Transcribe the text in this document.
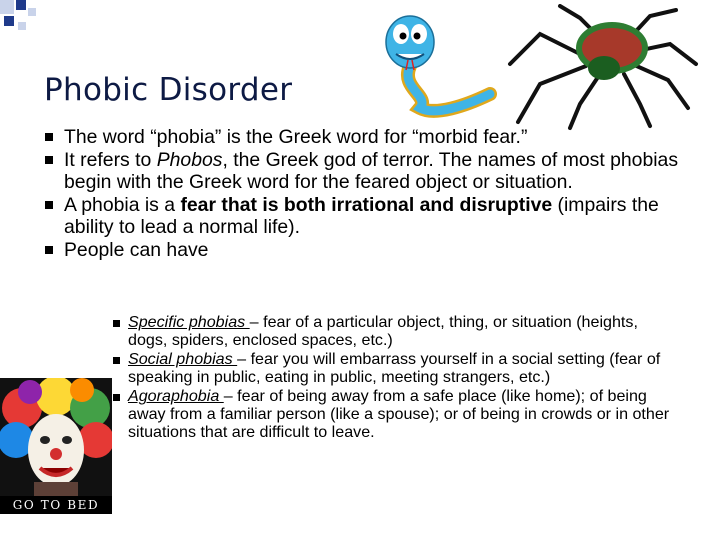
Phobic Disorder
The word “phobia” is the Greek word for “morbid fear.”
It refers to Phobos, the Greek god of terror. The names of most phobias begin with the Greek word for the feared object or situation.
A phobia is a fear that is both irrational and disruptive (impairs the ability to lead a normal life).
People can have
Specific phobias – fear of a particular object, thing, or situation (heights, dogs, spiders, enclosed spaces, etc.)
Social phobias – fear you will embarrass yourself in a social setting (fear of speaking in public, eating in public, meeting strangers, etc.)
Agoraphobia – fear of being away from a safe place (like home); of being away from a familiar person (like a spouse); or of being in crowds or in other situations that are difficult to leave.
GO TO BED
